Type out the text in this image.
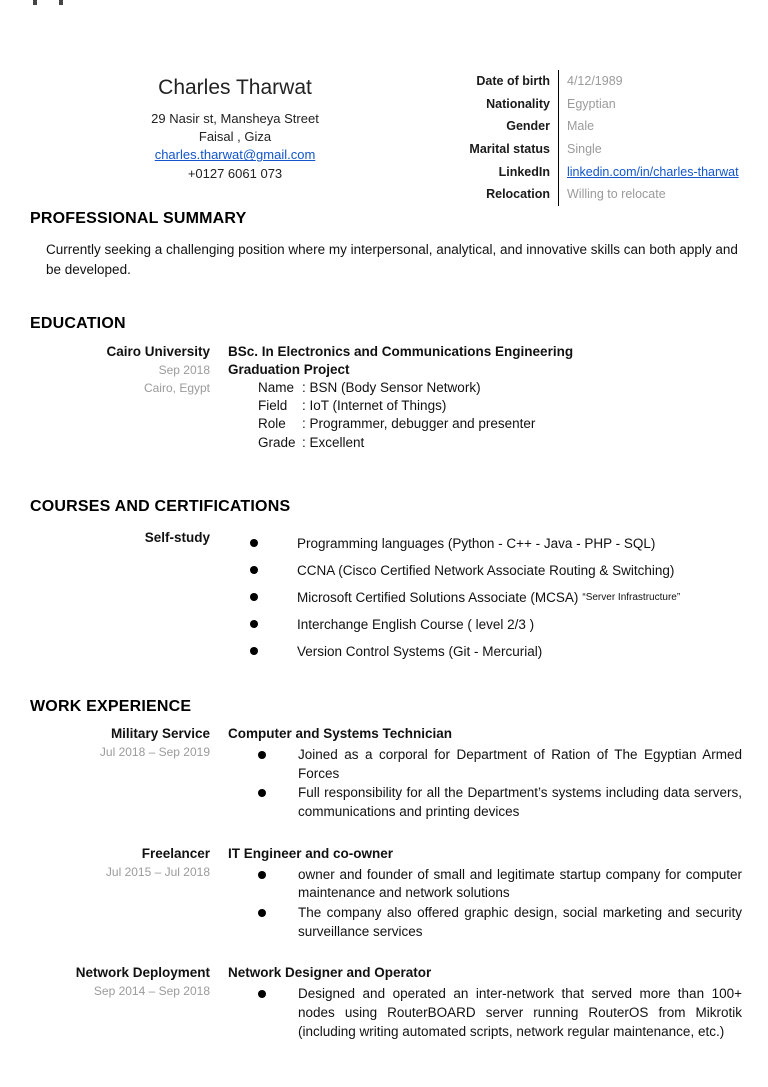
Charles Tharwat
29 Nasir st, Mansheya Street
Faisal , Giza
charles.tharwat@gmail.com
+0127 6061 073
Date of birth	4/12/1989
Nationality	Egyptian
Gender	Male
Marital status	Single
LinkedIn	linkedin.com/in/charles-tharwat
Relocation	Willing to relocate
PROFESSIONAL SUMMARY

Currently seeking a challenging position where my interpersonal, analytical, and innovative skills can both apply and be developed.

EDUCATION
Cairo University
Sep 2018
Cairo, Egypt
BSc. In Electronics and Communications Engineering
Graduation Project
Name : BSN (Body Sensor Network)
Field : IoT (Internet of Things)
Role : Programmer, debugger and presenter
Grade : Excellent
COURSES AND CERTIFICATIONS
Self-study	Programming languages (Python - C++ - Java - PHP - SQL)
CCNA (Cisco Certified Network Associate Routing & Switching)
Microsoft Certified Solutions Associate (MCSA) “Server Infrastructure”
Interchange English Course ( level 2/3 )
Version Control Systems (Git - Mercurial)
WORK EXPERIENCE
Military Service
Jul 2018 – Sep 2019
Computer and Systems Technician
Joined as a corporal for Department of Ration of The Egyptian Armed Forces
Full responsibility for all the Department’s systems including data servers, communications and printing devices
Freelancer
Jul 2015 – Jul 2018
IT Engineer and co-owner
owner and founder of small and legitimate startup company for computer maintenance and network solutions
The company also offered graphic design, social marketing and security surveillance services
Network Deployment
Sep 2014 – Sep 2018
Network Designer and Operator
Designed and operated an inter-network that served more than 100+ nodes using RouterBOARD server running RouterOS from Mikrotik (including writing automated scripts, network regular maintenance, etc.)
